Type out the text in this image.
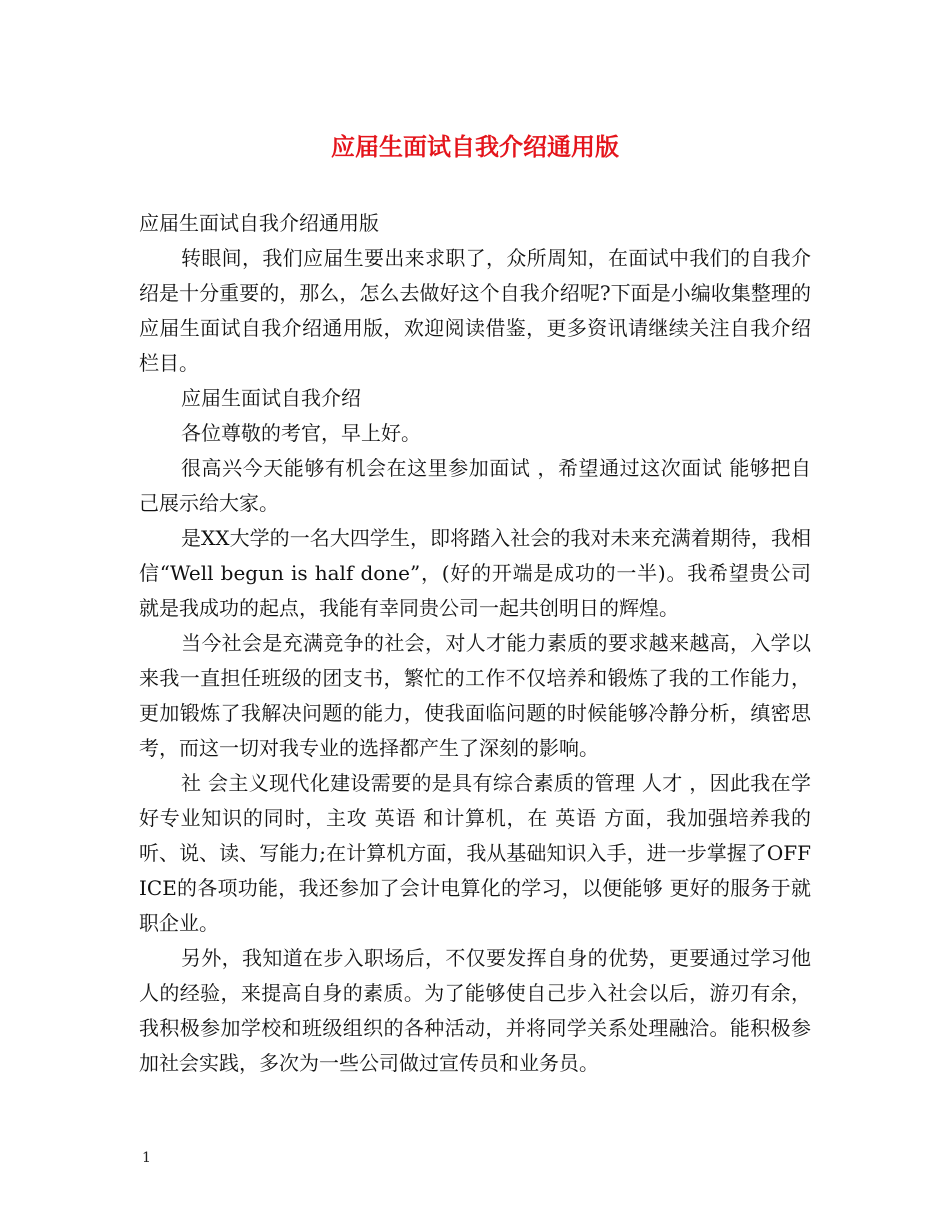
应届生面试自我介绍通用版

应届生面试自我介绍通用版

转眼间，我们应届生要出来求职了，众所周知，在面试中我们的自我介绍是十分重要的，那么，怎么去做好这个自我介绍呢?下面是小编收集整理的应届生面试自我介绍通用版，欢迎阅读借鉴，更多资讯请继续关注自我介绍栏目。

应届生面试自我介绍

各位尊敬的考官，早上好。

很高兴今天能够有机会在这里参加面试 ，希望通过这次面试 能够把自己展示给大家。

是XX大学的一名大四学生，即将踏入社会的我对未来充满着期待，我相信“Well begun is half done”，(好的开端是成功的一半)。我希望贵公司就是我成功的起点，我能有幸同贵公司一起共创明日的辉煌。

当今社会是充满竞争的社会，对人才能力素质的要求越来越高，入学以来我一直担任班级的团支书，繁忙的工作不仅培养和锻炼了我的工作能力，更加锻炼了我解决问题的能力，使我面临问题的时候能够冷静分析，缜密思考，而这一切对我专业的选择都产生了深刻的影响。

社 会主义现代化建设需要的是具有综合素质的管理 人才 ，因此我在学好专业知识的同时，主攻 英语 和计算机，在 英语 方面，我加强培养我的听、说、读、写能力;在计算机方面，我从基础知识入手，进一步掌握了OFFICE的各项功能，我还参加了会计电算化的学习，以便能够 更好的服务于就职企业。

另外，我知道在步入职场后，不仅要发挥自身的优势，更要通过学习他人的经验，来提高自身的素质。为了能够使自己步入社会以后，游刃有余，我积极参加学校和班级组织的各种活动，并将同学关系处理融洽。能积极参加社会实践，多次为一些公司做过宣传员和业务员。

1
